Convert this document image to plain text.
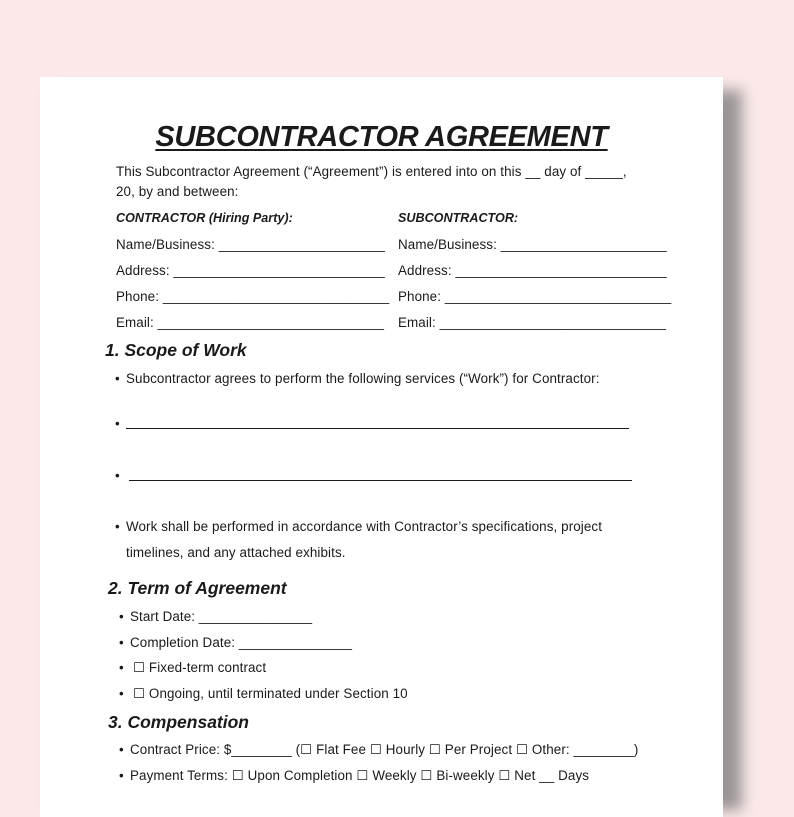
SUBCONTRACTOR AGREEMENT
This Subcontractor Agreement (“Agreement”) is entered into on this __ day of _____,
20, by and between:
CONTRACTOR (Hiring Party):
Name/Business: ______________________
Address: ____________________________
Phone: ______________________________
Email: ______________________________
SUBCONTRACTOR:
Name/Business: ______________________
Address: ____________________________
Phone: ______________________________
Email: ______________________________
1. Scope of Work
• Subcontractor agrees to perform the following services (“Work”) for Contractor:
•
•
• Work shall be performed in accordance with Contractor’s specifications, project
timelines, and any attached exhibits.
2. Term of Agreement
• Start Date: _______________
• Completion Date: _______________
• ☐ Fixed-term contract
• ☐ Ongoing, until terminated under Section 10
3. Compensation
• Contract Price: $________ (☐ Flat Fee ☐ Hourly ☐ Per Project ☐ Other: ________)
• Payment Terms: ☐ Upon Completion ☐ Weekly ☐ Bi-weekly ☐ Net __ Days
